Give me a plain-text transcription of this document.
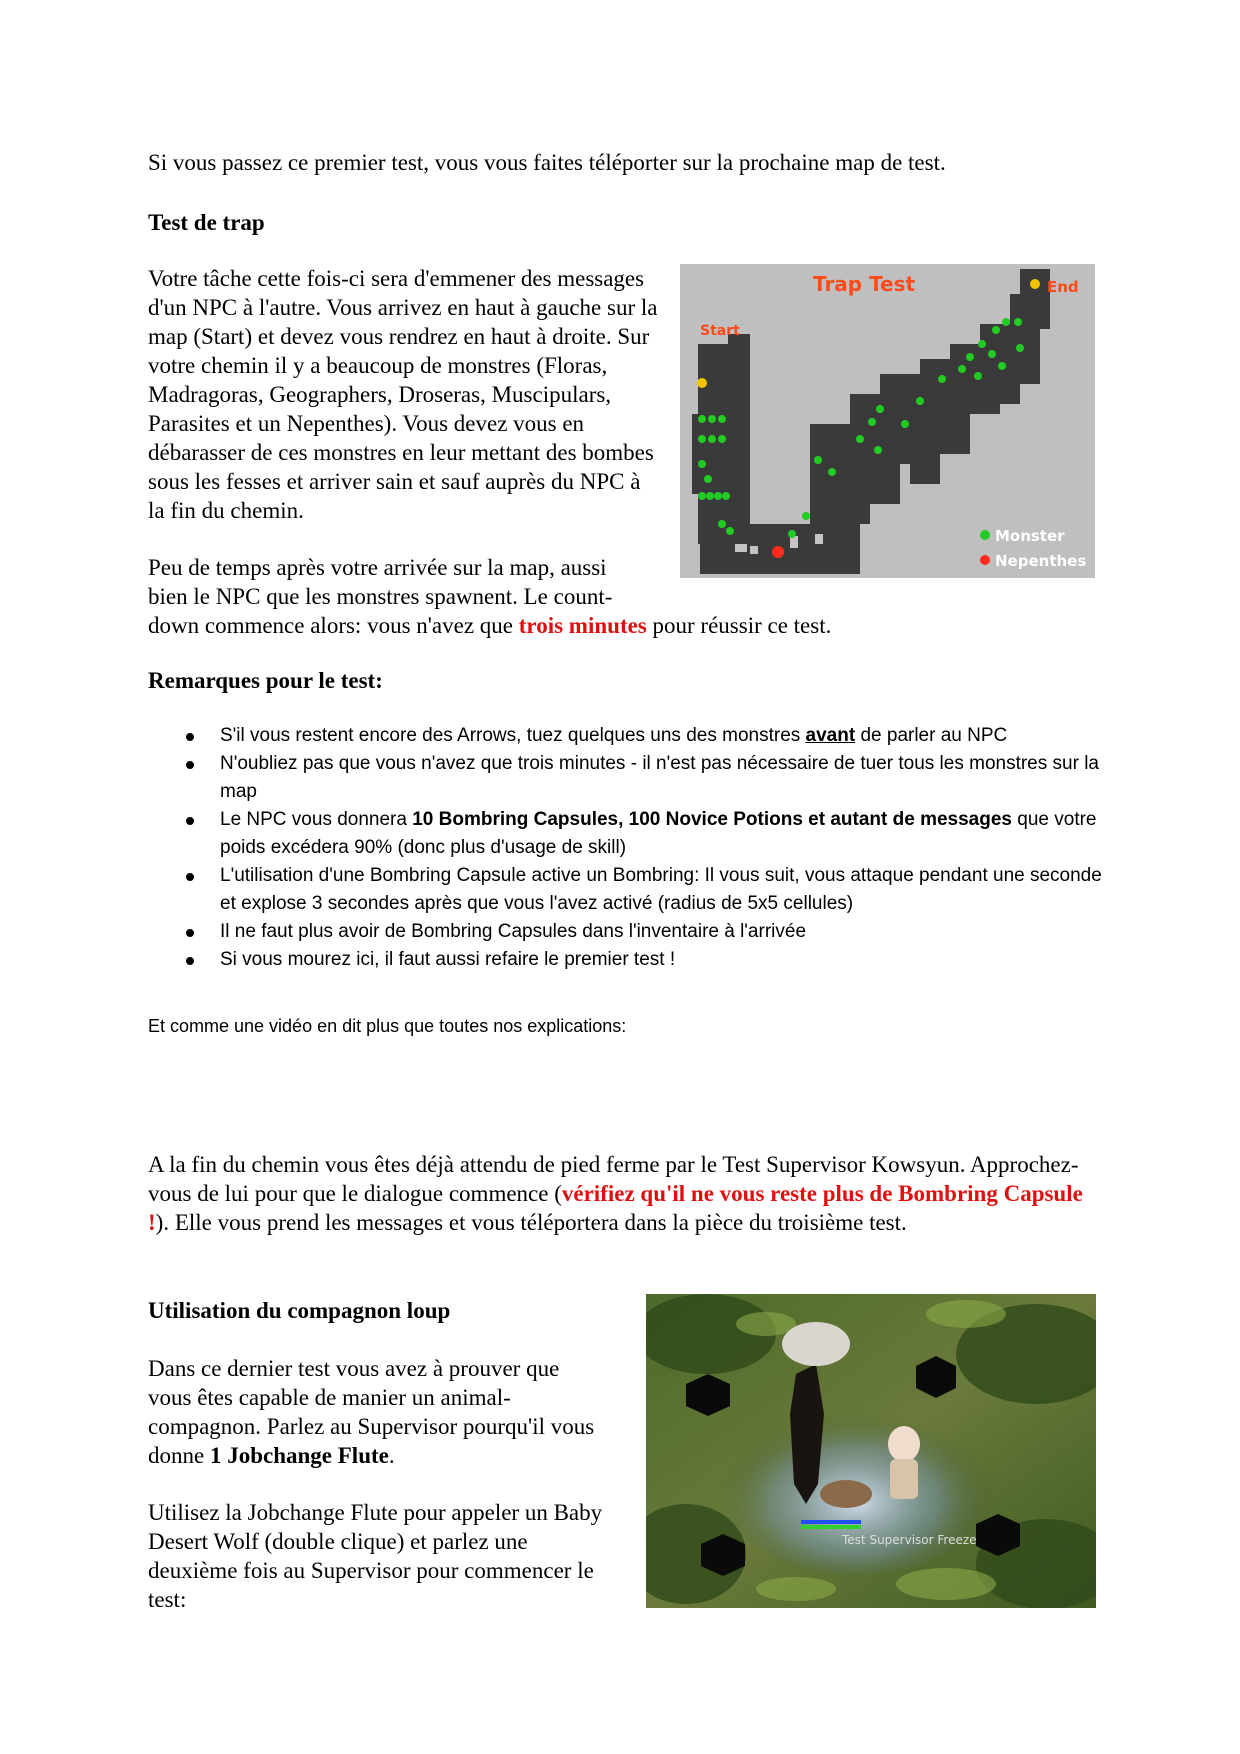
Si vous passez ce premier test, vous vous faites téléporter sur la prochaine map de test.

Test de trap

Votre tâche cette fois-ci sera d'emmener des messages d'un NPC à l'autre. Vous arrivez en haut à gauche sur la map (Start) et devez vous rendrez en haut à droite. Sur votre chemin il y a beaucoup de monstres (Floras, Madragoras, Geographers, Droseras, Muscipulars, Parasites et un Nepenthes). Vous devez vous en débarasser de ces monstres en leur mettant des bombes sous les fesses et arriver sain et sauf auprès du NPC à la fin du chemin.

Peu de temps après votre arrivée sur la map, aussi
bien le NPC que les monstres spawnent. Le count-
down commence alors: vous n'avez que trois minutes pour réussir ce test.
Trap Test
Start
End
Monster
Nepenthes

Remarques pour le test:

S'il vous restent encore des Arrows, tuez quelques uns des monstres avant de parler au NPC
N'oubliez pas que vous n'avez que trois minutes - il n'est pas nécessaire de tuer tous les monstres sur la map
Le NPC vous donnera 10 Bombring Capsules, 100 Novice Potions et autant de messages que votre poids excédera 90% (donc plus d'usage de skill)
L'utilisation d'une Bombring Capsule active un Bombring: Il vous suit, vous attaque pendant une seconde et explose 3 secondes après que vous l'avez activé (radius de 5x5 cellules)
Il ne faut plus avoir de Bombring Capsules dans l'inventaire à l'arrivée
Si vous mourez ici, il faut aussi refaire le premier test !

Et comme une vidéo en dit plus que toutes nos explications:

A la fin du chemin vous êtes déjà attendu de pied ferme par le Test Supervisor Kowsyun. Approchez-vous de lui pour que le dialogue commence (vérifiez qu'il ne vous reste plus de Bombring Capsule !). Elle vous prend les messages et vous téléportera dans la pièce du troisième test.

Utilisation du compagnon loup

Dans ce dernier test vous avez à prouver que vous êtes capable de manier un animal-compagnon. Parlez au Supervisor pourqu'il vous donne 1 Jobchange Flute.

Utilisez la Jobchange Flute pour appeler un Baby Desert Wolf (double clique) et parlez une deuxième fois au Supervisor pour commencer le test:

Test Supervisor Freeze
